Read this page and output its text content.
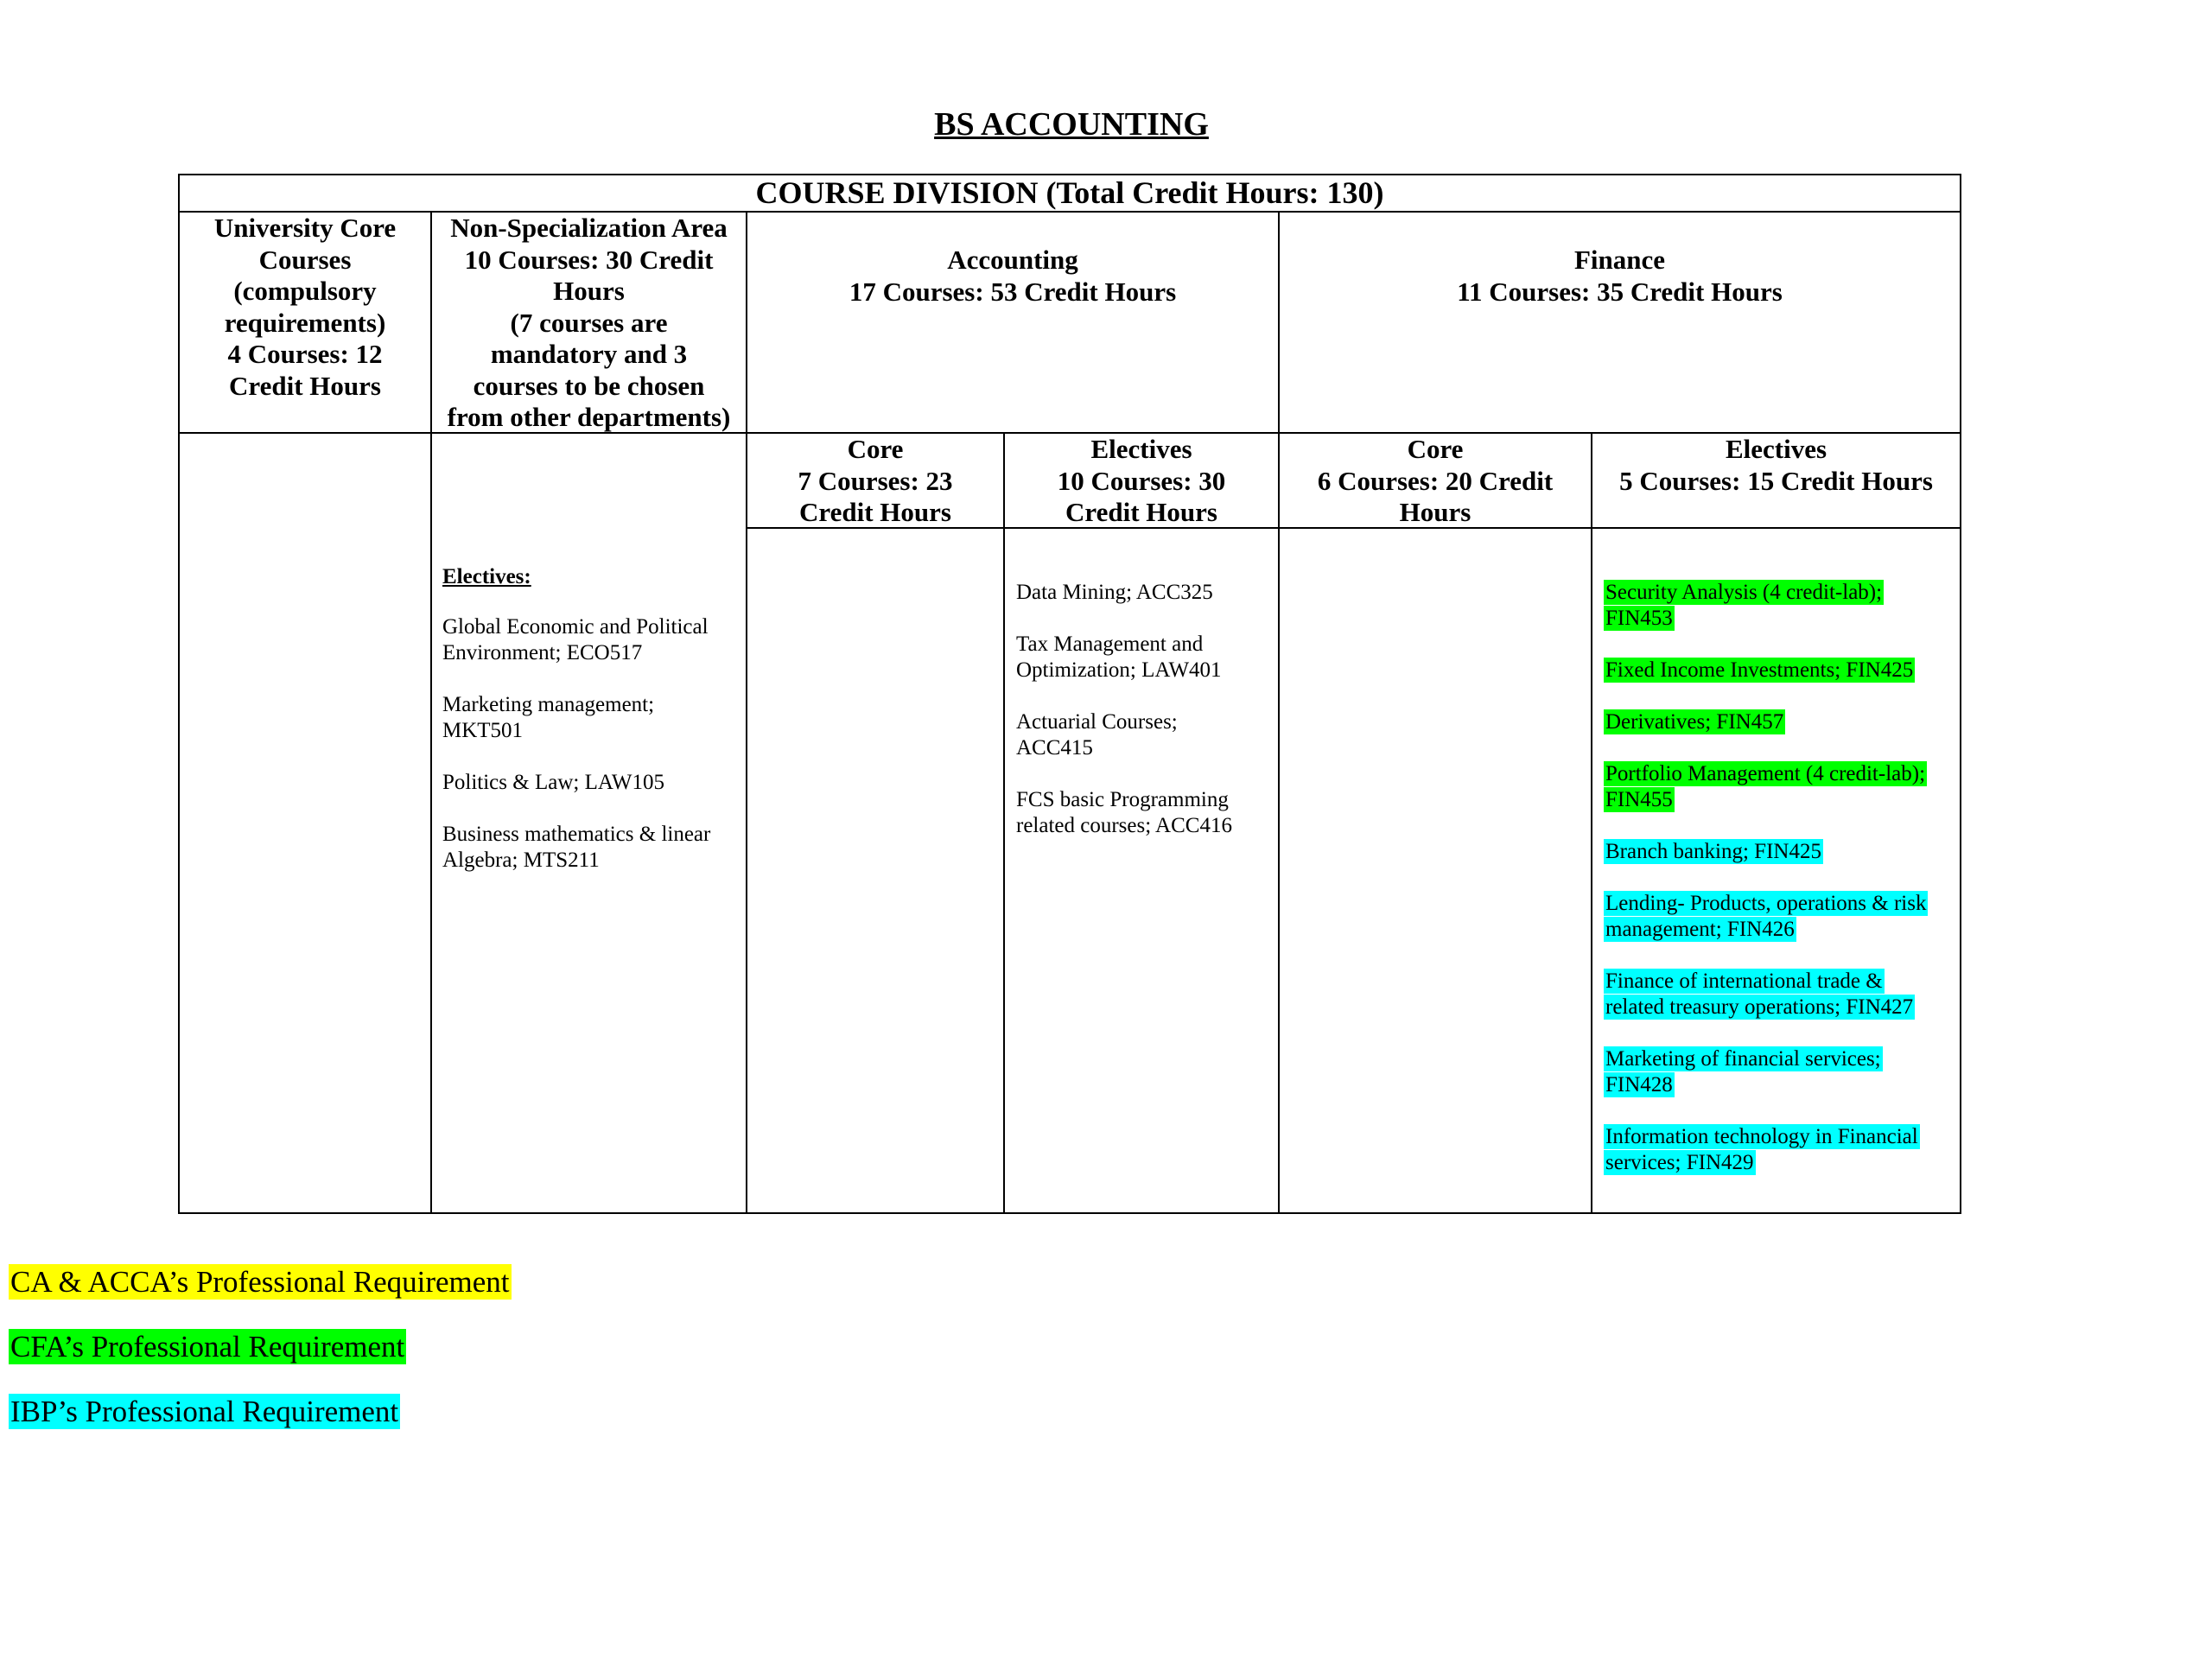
BS ACCOUNTING
COURSE DIVISION (Total Credit Hours: 130)
University Core
Courses
(compulsory
requirements)
4 Courses: 12
Credit Hours
Non-Specialization Area
10 Courses: 30 Credit
Hours
(7 courses are
mandatory and 3
courses to be chosen
from other departments)
Accounting
17 Courses: 53 Credit Hours
Finance
11 Courses: 35 Credit Hours
Core
7 Courses: 23
Credit Hours
Electives
10 Courses: 30
Credit Hours
Core
6 Courses: 20 Credit
Hours
Electives
5 Courses: 15 Credit Hours
Electives:
Global Economic and Political
Environment; ECO517
Marketing management;
MKT501
Politics & Law; LAW105
Business mathematics & linear
Algebra; MTS211
Data Mining; ACC325
Tax Management and
Optimization; LAW401
Actuarial Courses;
ACC415
FCS basic Programming
related courses; ACC416
Security Analysis (4 credit-lab);
FIN453
Fixed Income Investments; FIN425
Derivatives; FIN457
Portfolio Management (4 credit-lab);
FIN455
Branch banking; FIN425
Lending- Products, operations & risk
management; FIN426
Finance of international trade &
related treasury operations; FIN427
Marketing of financial services;
FIN428
Information technology in Financial
services; FIN429
CA & ACCA’s Professional Requirement
CFA’s Professional Requirement
IBP’s Professional Requirement
